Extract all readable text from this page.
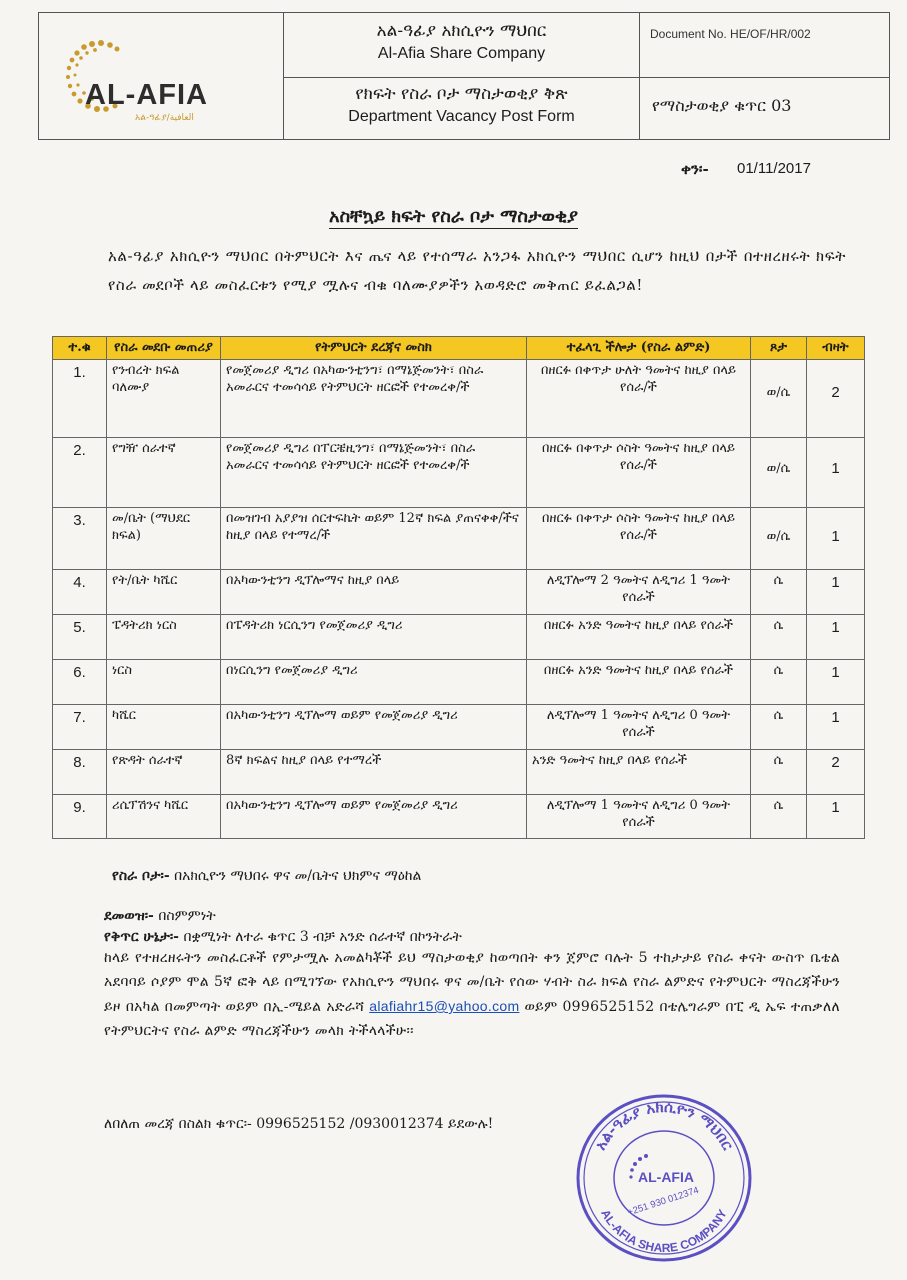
AL-AFIA
አል-ዓፊያ/العافية
አል-ዓፊያ አክሲዮን ማህበር
Al-Afia Share Company
የክፍት የስራ ቦታ ማስታወቂያ ቅጽ
Department Vacancy Post Form
Document No. HE/OF/HR/002
የማስታወቂያ ቁጥር 03
ቀን፡- 01/11/2017
አስቸኳይ ክፍት የስራ ቦታ ማስታወቂያ
አል-ዓፊያ አክሲዮን ማህበር በትምህርት እና ጤና ላይ የተሰማራ አንጋፋ አክሲዮን ማህበር ሲሆን ከዚህ በታች በተዘረዘሩት ክፍት የስራ መደቦች ላይ መስፈርቱን የሚያ ሟሉና ብቁ ባለሙያዎችን አወዳድሮ መቅጠር ይፈልጋል!
ተ.ቁ	የስራ መደቡ መጠሪያ	የትምህርት ደረጃና መስክ	ተፈላጊ ችሎታ (የስራ ልምድ)	ጾታ	ብዛት
1.	የንብረት ክፍል ባለሙያ	የመጀመሪያ ዲግሪ በአካውንቲንግ፣ በማኔጅመንት፣ በስራ አመራርና ተመሳሳይ የትምህርት ዘርፎች የተመረቀ/ች	በዘርፉ በቀጥታ ሁለት ዓመትና ከዚያ በላይ የሰራ/ች	ወ/ሴ	2
2.	የግዥ ሰራተኛ	የመጀመሪያ ዲግሪ በፐርቼዚንግ፣ በማኔጅመንት፣ በስራ አመራርና ተመሳሳይ የትምህርት ዘርፎች የተመረቀ/ች	በዘርፉ በቀጥታ ሶስት ዓመትና ከዚያ በላይ የሰራ/ች	ወ/ሴ	1
3.	መ/ቤት (ማህደር ክፍል)	በመዝገብ አያያዝ ሰርተፍኬት ወይም 12ኛ ክፍል ያጠናቀቀ/ችና ከዚያ በላይ የተማረ/ች	በዘርፉ በቀጥታ ሶስት ዓመትና ከዚያ በላይ የሰራ/ች	ወ/ሴ	1
4.	የት/ቤት ካሼር	በአካውንቲንግ ዲፕሎማና ከዚያ በላይ	ለዲፕሎማ 2 ዓመትና ለዲግሪ 1 ዓመት የሰራች	ሴ	1
5.	ፔዳትሪክ ነርስ	በፔዳትሪክ ነርሲንግ የመጀመሪያ ዲግሪ	በዘርፉ አንድ ዓመትና ከዚያ በላይ የሰራች	ሴ	1
6.	ነርስ	በነርሲንግ የመጀመሪያ ዲግሪ	በዘርፉ አንድ ዓመትና ከዚያ በላይ የሰራች	ሴ	1
7.	ካሼር	በአካውንቲንግ ዲፕሎማ ወይም የመጀመሪያ ዲግሪ	ለዲፕሎማ 1 ዓመትና ለዲግሪ 0 ዓመት የሰራች	ሴ	1
8.	የጽዳት ሰራተኛ	8ኛ ክፍልና ከዚያ በላይ የተማረች	አንድ ዓመትና ከዚያ በላይ የሰራች	ሴ	2
9.	ሪሴፕሽንና ካሼር	በአካውንቲንግ ዲፕሎማ ወይም የመጀመሪያ ዲግሪ	ለዲፕሎማ 1 ዓመትና ለዲግሪ 0 ዓመት የሰራች	ሴ	1
የስራ ቦታ፡- በአክሲዮን ማህበሩ ዋና መ/ቤትና ህክምና ማዕከል
ደመወዝ፡- በስምምነት
የቅጥር ሁኔታ፡- በቋሚነት ለተራ ቁጥር 3 ብቻ አንድ ሰራተኛ በኮንትራት
ከላይ የተዘረዘሩትን መስፈርቶች የምታሟሉ አመልካቾች ይህ ማስታወቂያ ከወጣበት ቀን ጀምሮ ባሉት 5 ተከታታይ የስራ ቀናት ውስጥ ቤቴል አደባባይ ሶያም ሞል 5ኛ ፎቅ ላይ በሚገኘው የአክሲዮን ማህበሩ ዋና መ/ቤት የሰው ሃብት ስራ ክፍል የስራ ልምድና የትምህርት ማስረጃችሁን ይዞ በአካል በመምጣት ወይም በኢ-ሜይል አድራሻ alafiahr15@yahoo.com ወይም 0996525152 በቴሌግራም በፒ ዲ ኤፍ ተጠቃለለ የትምህርትና የስራ ልምድ ማስረጃችሁን መላክ ትችላላችሁ፡፡
ለበለጠ መረጃ በስልክ ቁጥር፡- 0996525152 /0930012374 ይደውሉ!
አል-ዓፊያ አክሲዮን ማህበር
AL-AFIA SHARE COMPANY
AL-AFIA
+251 930 012374
